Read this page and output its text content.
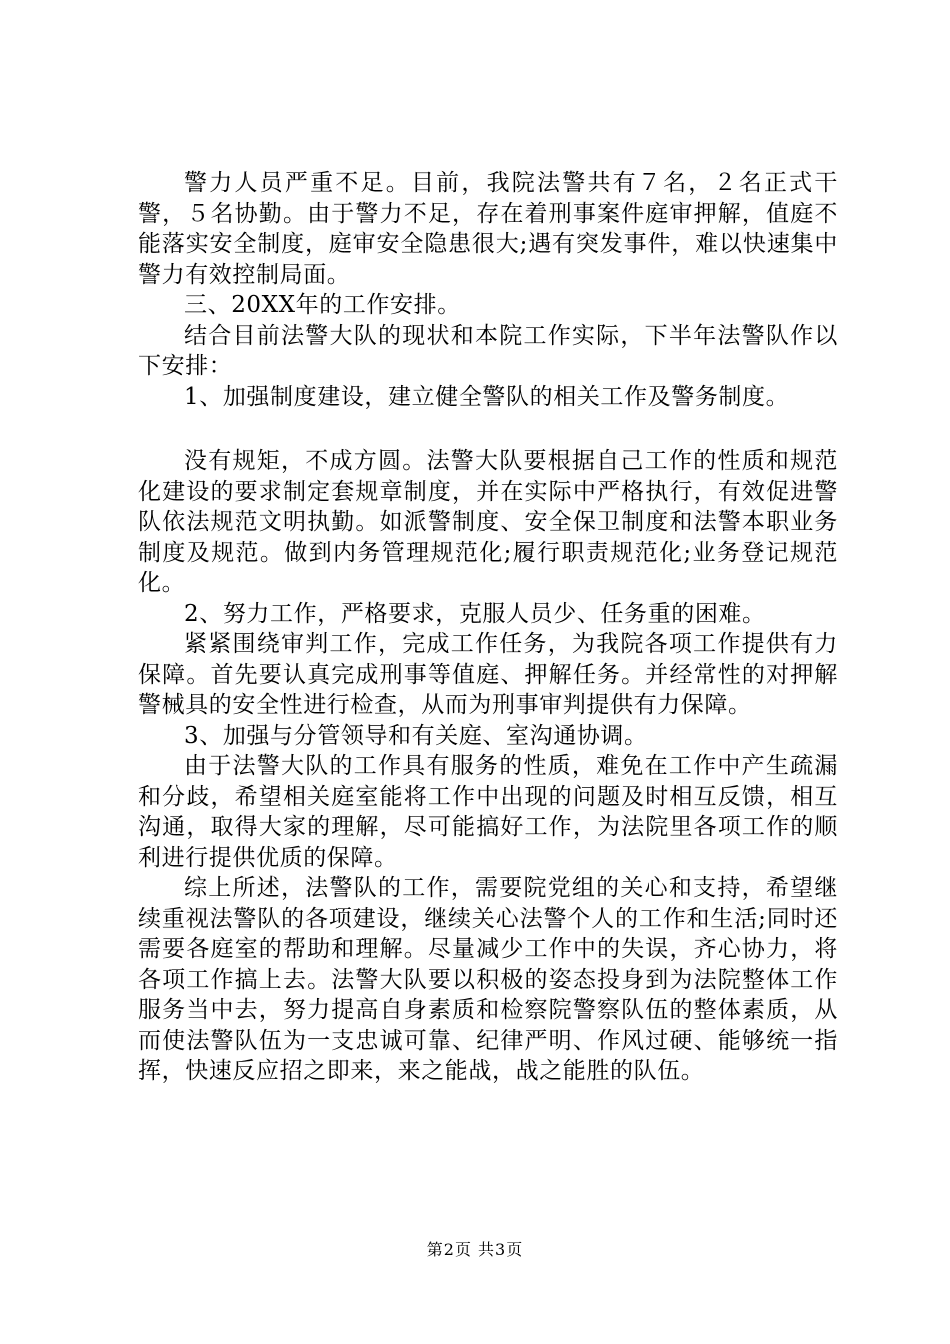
警力人员严重不足。目前，我院法警共有７名，２名正式干警，５名协勤。由于警力不足，存在着刑事案件庭审押解，值庭不能落实安全制度，庭审安全隐患很大;遇有突发事件，难以快速集中警力有效控制局面。

三、20XX年的工作安排。

结合目前法警大队的现状和本院工作实际，下半年法警队作以下安排：

1、加强制度建设，建立健全警队的相关工作及警务制度。

没有规矩，不成方圆。法警大队要根据自己工作的性质和规范化建设的要求制定套规章制度，并在实际中严格执行，有效促进警队依法规范文明执勤。如派警制度、安全保卫制度和法警本职业务制度及规范。做到内务管理规范化;履行职责规范化;业务登记规范化。

2、努力工作，严格要求，克服人员少、任务重的困难。

紧紧围绕审判工作，完成工作任务，为我院各项工作提供有力保障。首先要认真完成刑事等值庭、押解任务。并经常性的对押解警械具的安全性进行检查，从而为刑事审判提供有力保障。

3、加强与分管领导和有关庭、室沟通协调。

由于法警大队的工作具有服务的性质，难免在工作中产生疏漏和分歧，希望相关庭室能将工作中出现的问题及时相互反馈，相互沟通，取得大家的理解，尽可能搞好工作，为法院里各项工作的顺利进行提供优质的保障。

综上所述，法警队的工作，需要院党组的关心和支持，希望继续重视法警队的各项建设，继续关心法警个人的工作和生活;同时还需要各庭室的帮助和理解。尽量减少工作中的失误，齐心协力，将各项工作搞上去。法警大队要以积极的姿态投身到为法院整体工作服务当中去，努力提高自身素质和检察院警察队伍的整体素质，从而使法警队伍为一支忠诚可靠、纪律严明、作风过硬、能够统一指挥，快速反应招之即来，来之能战，战之能胜的队伍。

第2页 共3页
